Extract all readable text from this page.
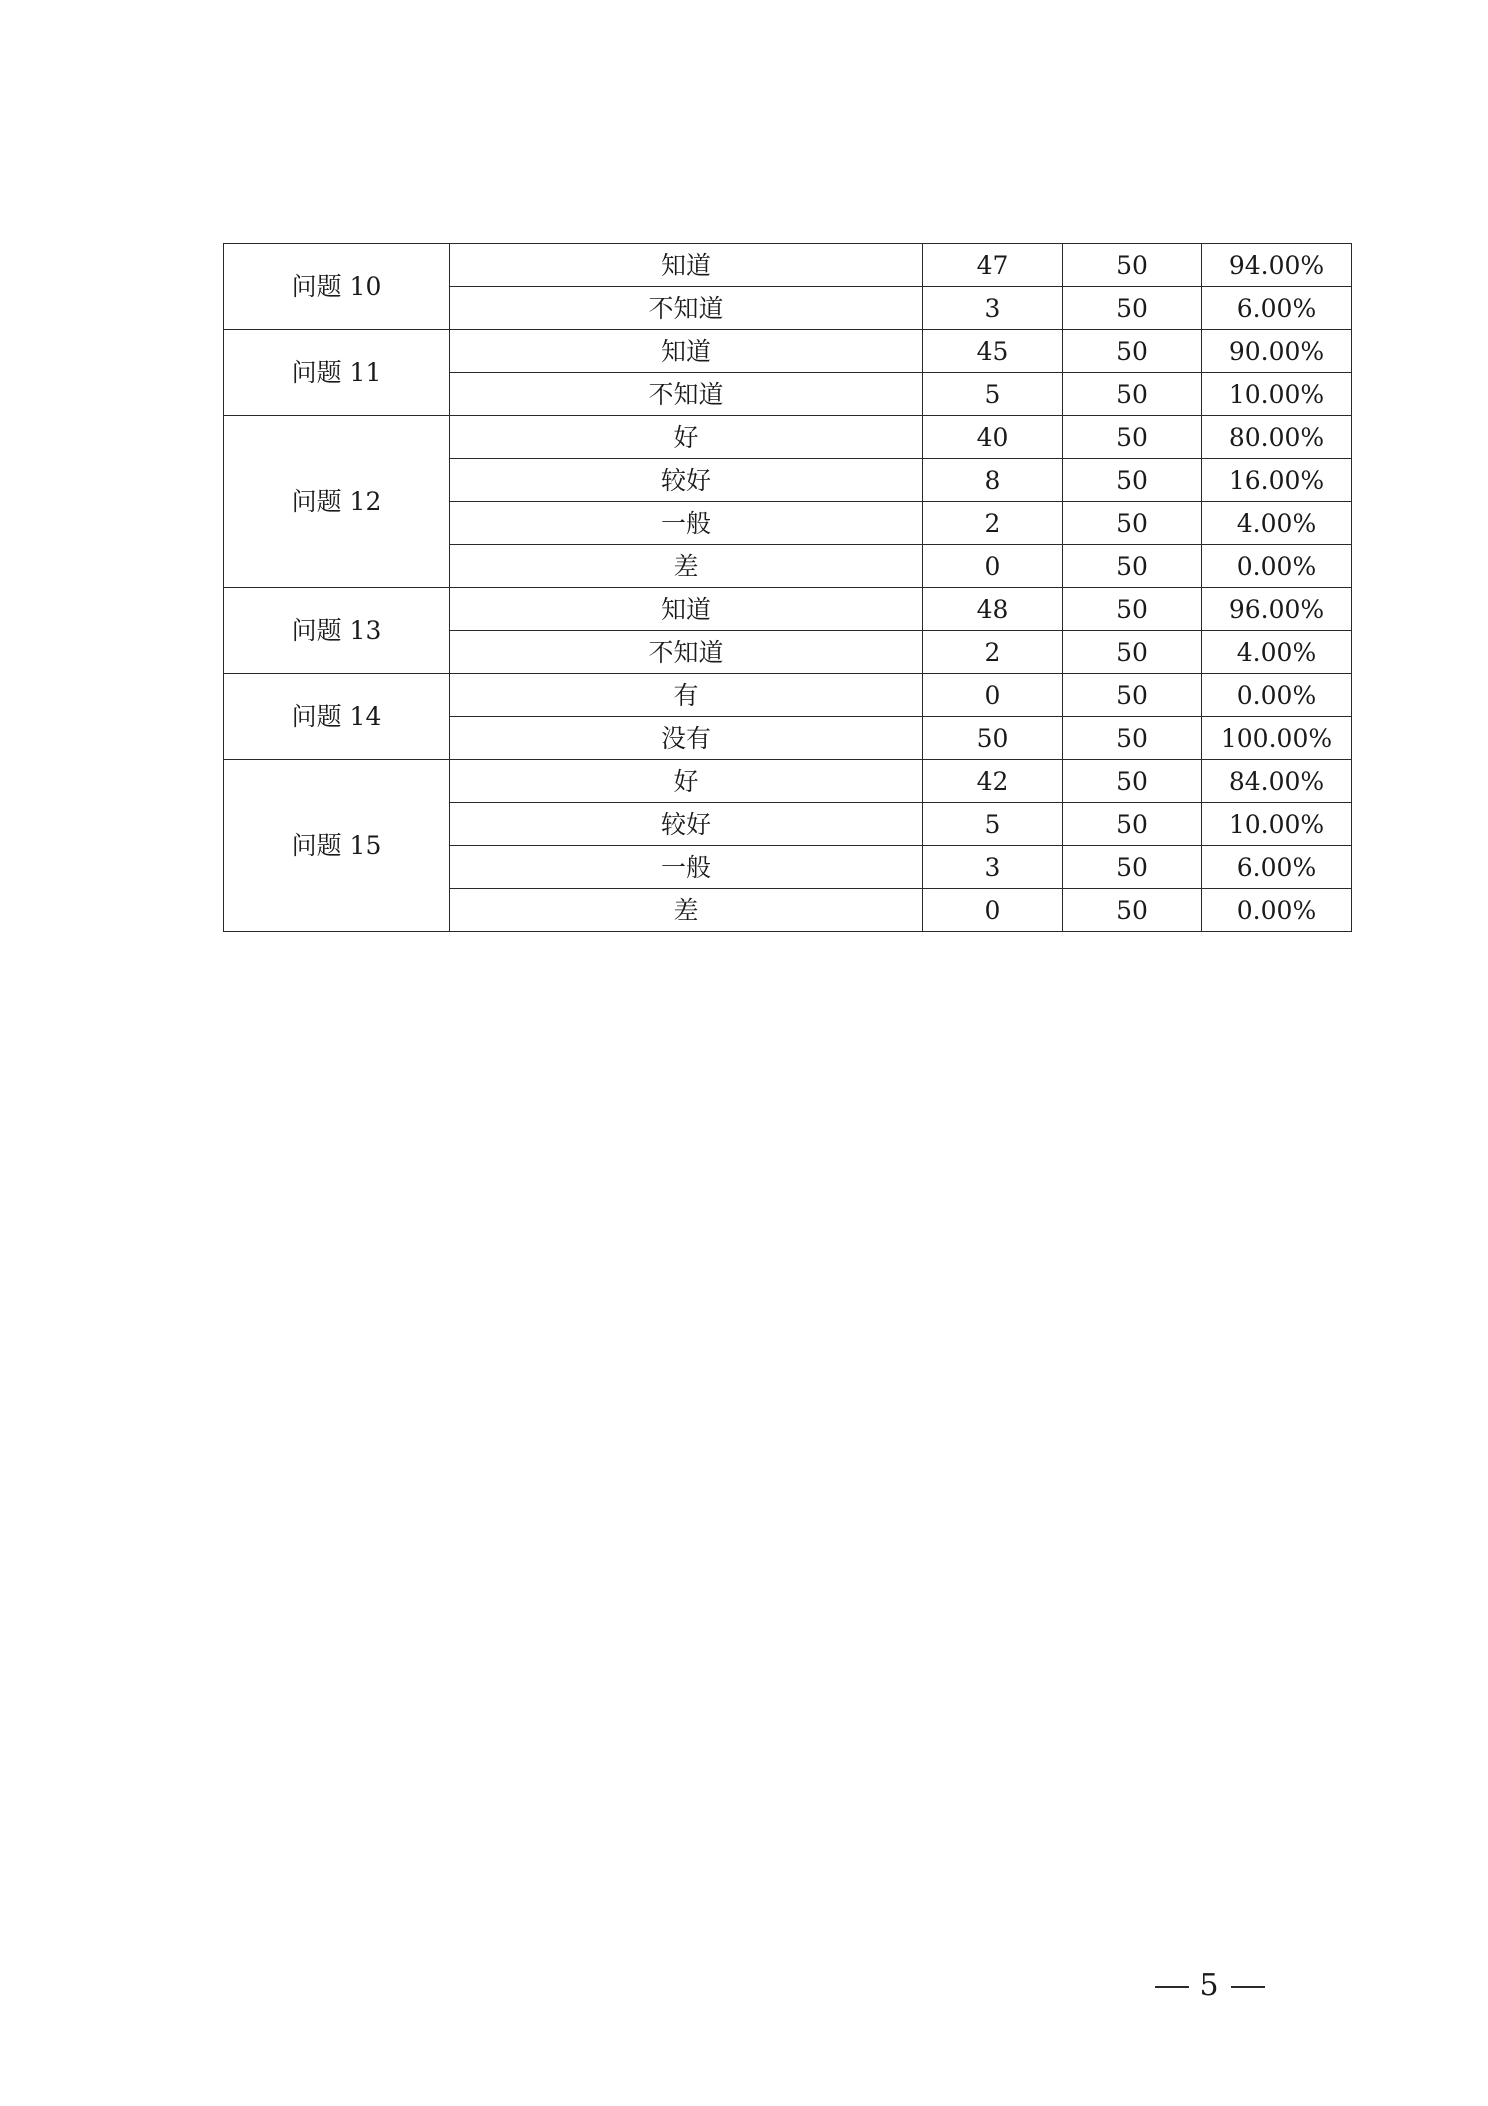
问题 10	知道	47	50	94.00%
	不知道	3	50	6.00%
问题 11	知道	45	50	90.00%
	不知道	5	50	10.00%
问题 12	好	40	50	80.00%
	较好	8	50	16.00%
	一般	2	50	4.00%
	差	0	50	0.00%
问题 13	知道	48	50	96.00%
	不知道	2	50	4.00%
问题 14	有	0	50	0.00%
	没有	50	50	100.00%
问题 15	好	42	50	84.00%
	较好	5	50	10.00%
	一般	3	50	6.00%
	差	0	50	0.00%
5
